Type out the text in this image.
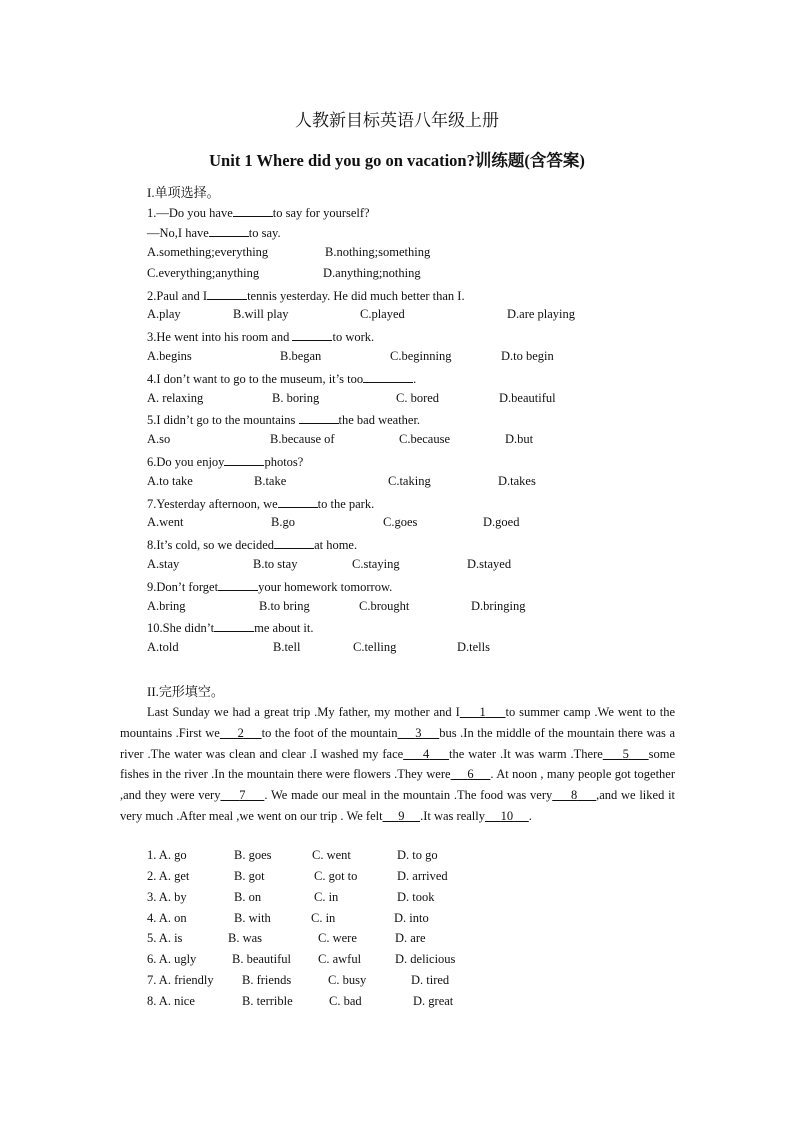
人教新目标英语八年级上册
Unit 1 Where did you go on vacation?训练题(含答案)
I.单项选择。
1.—Do you have	to say for yourself?
—No,I have	to say.
A.something;everything	B.nothing;something
C.everything;anything	D.anything;nothing
2.Paul and I	tennis yesterday. He did much better than I.
A.play	B.will play	C.played	D.are playing
3.He went into his room and	to work.
A.begins	B.began	C.beginning	D.to begin
4.I don’t want to go to the museum, it’s too	.
A. relaxing	B. boring	C. bored	D.beautiful
5.I didn’t go to the mountains	the bad weather.
A.so	B.because of	C.because	D.but
6.Do you enjoy	photos?
A.to take	B.take	C.taking	D.takes
7.Yesterday afternoon, we	to the park.
A.went	B.go	C.goes	D.goed
8.It’s cold, so we decided	at home.
A.stay	B.to stay	C.staying	D.stayed
9.Don’t forget	your homework tomorrow.
A.bring	B.to bring	C.brought	D.bringing
10.She didn’t	me about it.
A.told	B.tell	C.telling	D.tells
II.完形填空。
Last Sunday we had a great trip .My father, my mother and I 1 to summer camp .We went to the mountains .First we 2 to the foot of the mountain 3 bus .In the middle of the mountain there was a river .The water was clean and clear .I washed my face 4 the water .It was warm .There 5 some fishes in the river .In the mountain there were flowers .They were 6 . At noon , many people got together ,and they were very 7 . We made our meal in the mountain .The food was very 8 ,and we liked it very much .After meal ,we went on our trip . We felt 9 .It was really 10 .
1. A. go	B. goes	C. went	D. to go
2. A. get	B. got	C. got to	D. arrived
3. A. by	B. on	C. in	D. took
4. A. on	B. with	C. in	D. into
5. A. is	B. was	C. were	D. are
6. A. ugly	B. beautiful C. awful	D. delicious
7. A. friendly B. friends	C. busy	D. tired
8. A. nice	B. terrible	C. bad	D. great
